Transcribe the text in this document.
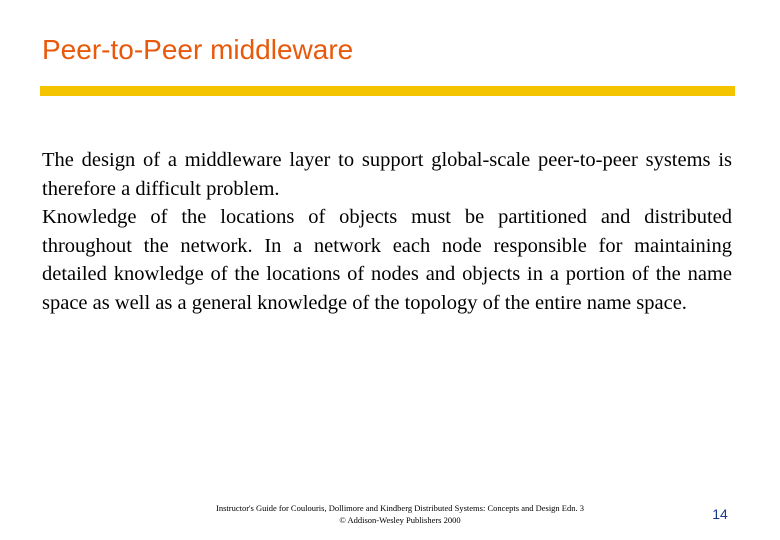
Peer-to-Peer middleware

The design of a middleware layer to support global-scale peer-to-peer systems is therefore a difficult problem.

Knowledge of the locations of objects must be partitioned and distributed throughout the network. In a network each node responsible for maintaining detailed knowledge of the locations of nodes and objects in a portion of the name space as well as a general knowledge of the topology of the entire name space.

Instructor's Guide for Coulouris, Dollimore and Kindberg Distributed Systems: Concepts and Design Edn. 3
© Addison-Wesley Publishers 2000	14
